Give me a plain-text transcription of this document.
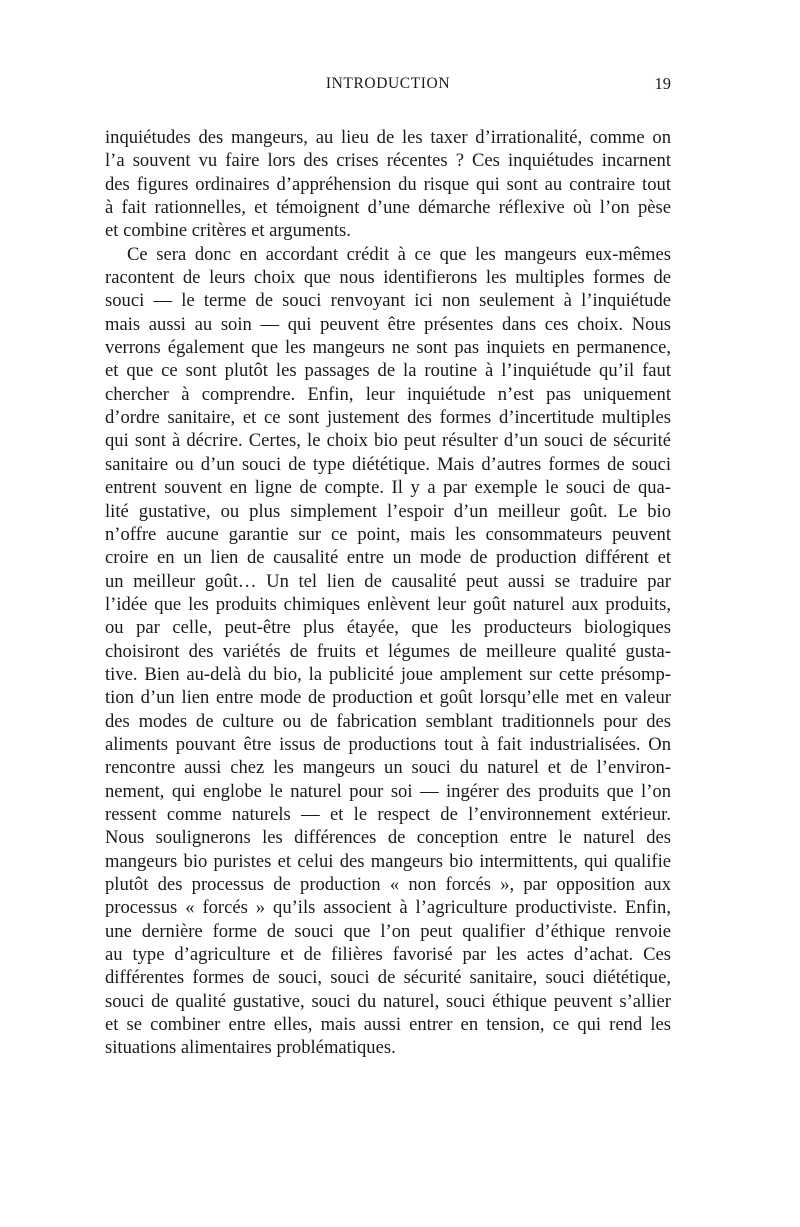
INTRODUCTION	19
inquiétudes des mangeurs, au lieu de les taxer d’irrationalité, comme on
l’a souvent vu faire lors des crises récentes ? Ces inquiétudes incarnent
des figures ordinaires d’appréhension du risque qui sont au contraire tout
à fait rationnelles, et témoignent d’une démarche réflexive où l’on pèse
et combine critères et arguments.
Ce sera donc en accordant crédit à ce que les mangeurs eux-mêmes
racontent de leurs choix que nous identifierons les multiples formes de
souci — le terme de souci renvoyant ici non seulement à l’inquiétude
mais aussi au soin — qui peuvent être présentes dans ces choix. Nous
verrons également que les mangeurs ne sont pas inquiets en permanence,
et que ce sont plutôt les passages de la routine à l’inquiétude qu’il faut
chercher à comprendre. Enfin, leur inquiétude n’est pas uniquement
d’ordre sanitaire, et ce sont justement des formes d’incertitude multiples
qui sont à décrire. Certes, le choix bio peut résulter d’un souci de sécurité
sanitaire ou d’un souci de type diététique. Mais d’autres formes de souci
entrent souvent en ligne de compte. Il y a par exemple le souci de qua-
lité gustative, ou plus simplement l’espoir d’un meilleur goût. Le bio
n’offre aucune garantie sur ce point, mais les consommateurs peuvent
croire en un lien de causalité entre un mode de production différent et
un meilleur goût… Un tel lien de causalité peut aussi se traduire par
l’idée que les produits chimiques enlèvent leur goût naturel aux produits,
ou par celle, peut-être plus étayée, que les producteurs biologiques
choisiront des variétés de fruits et légumes de meilleure qualité gusta-
tive. Bien au-delà du bio, la publicité joue amplement sur cette présomp-
tion d’un lien entre mode de production et goût lorsqu’elle met en valeur
des modes de culture ou de fabrication semblant traditionnels pour des
aliments pouvant être issus de productions tout à fait industrialisées. On
rencontre aussi chez les mangeurs un souci du naturel et de l’environ-
nement, qui englobe le naturel pour soi — ingérer des produits que l’on
ressent comme naturels — et le respect de l’environnement extérieur.
Nous soulignerons les différences de conception entre le naturel des
mangeurs bio puristes et celui des mangeurs bio intermittents, qui qualifie
plutôt des processus de production « non forcés », par opposition aux
processus « forcés » qu’ils associent à l’agriculture productiviste. Enfin,
une dernière forme de souci que l’on peut qualifier d’éthique renvoie
au type d’agriculture et de filières favorisé par les actes d’achat. Ces
différentes formes de souci, souci de sécurité sanitaire, souci diététique,
souci de qualité gustative, souci du naturel, souci éthique peuvent s’allier
et se combiner entre elles, mais aussi entrer en tension, ce qui rend les
situations alimentaires problématiques.
